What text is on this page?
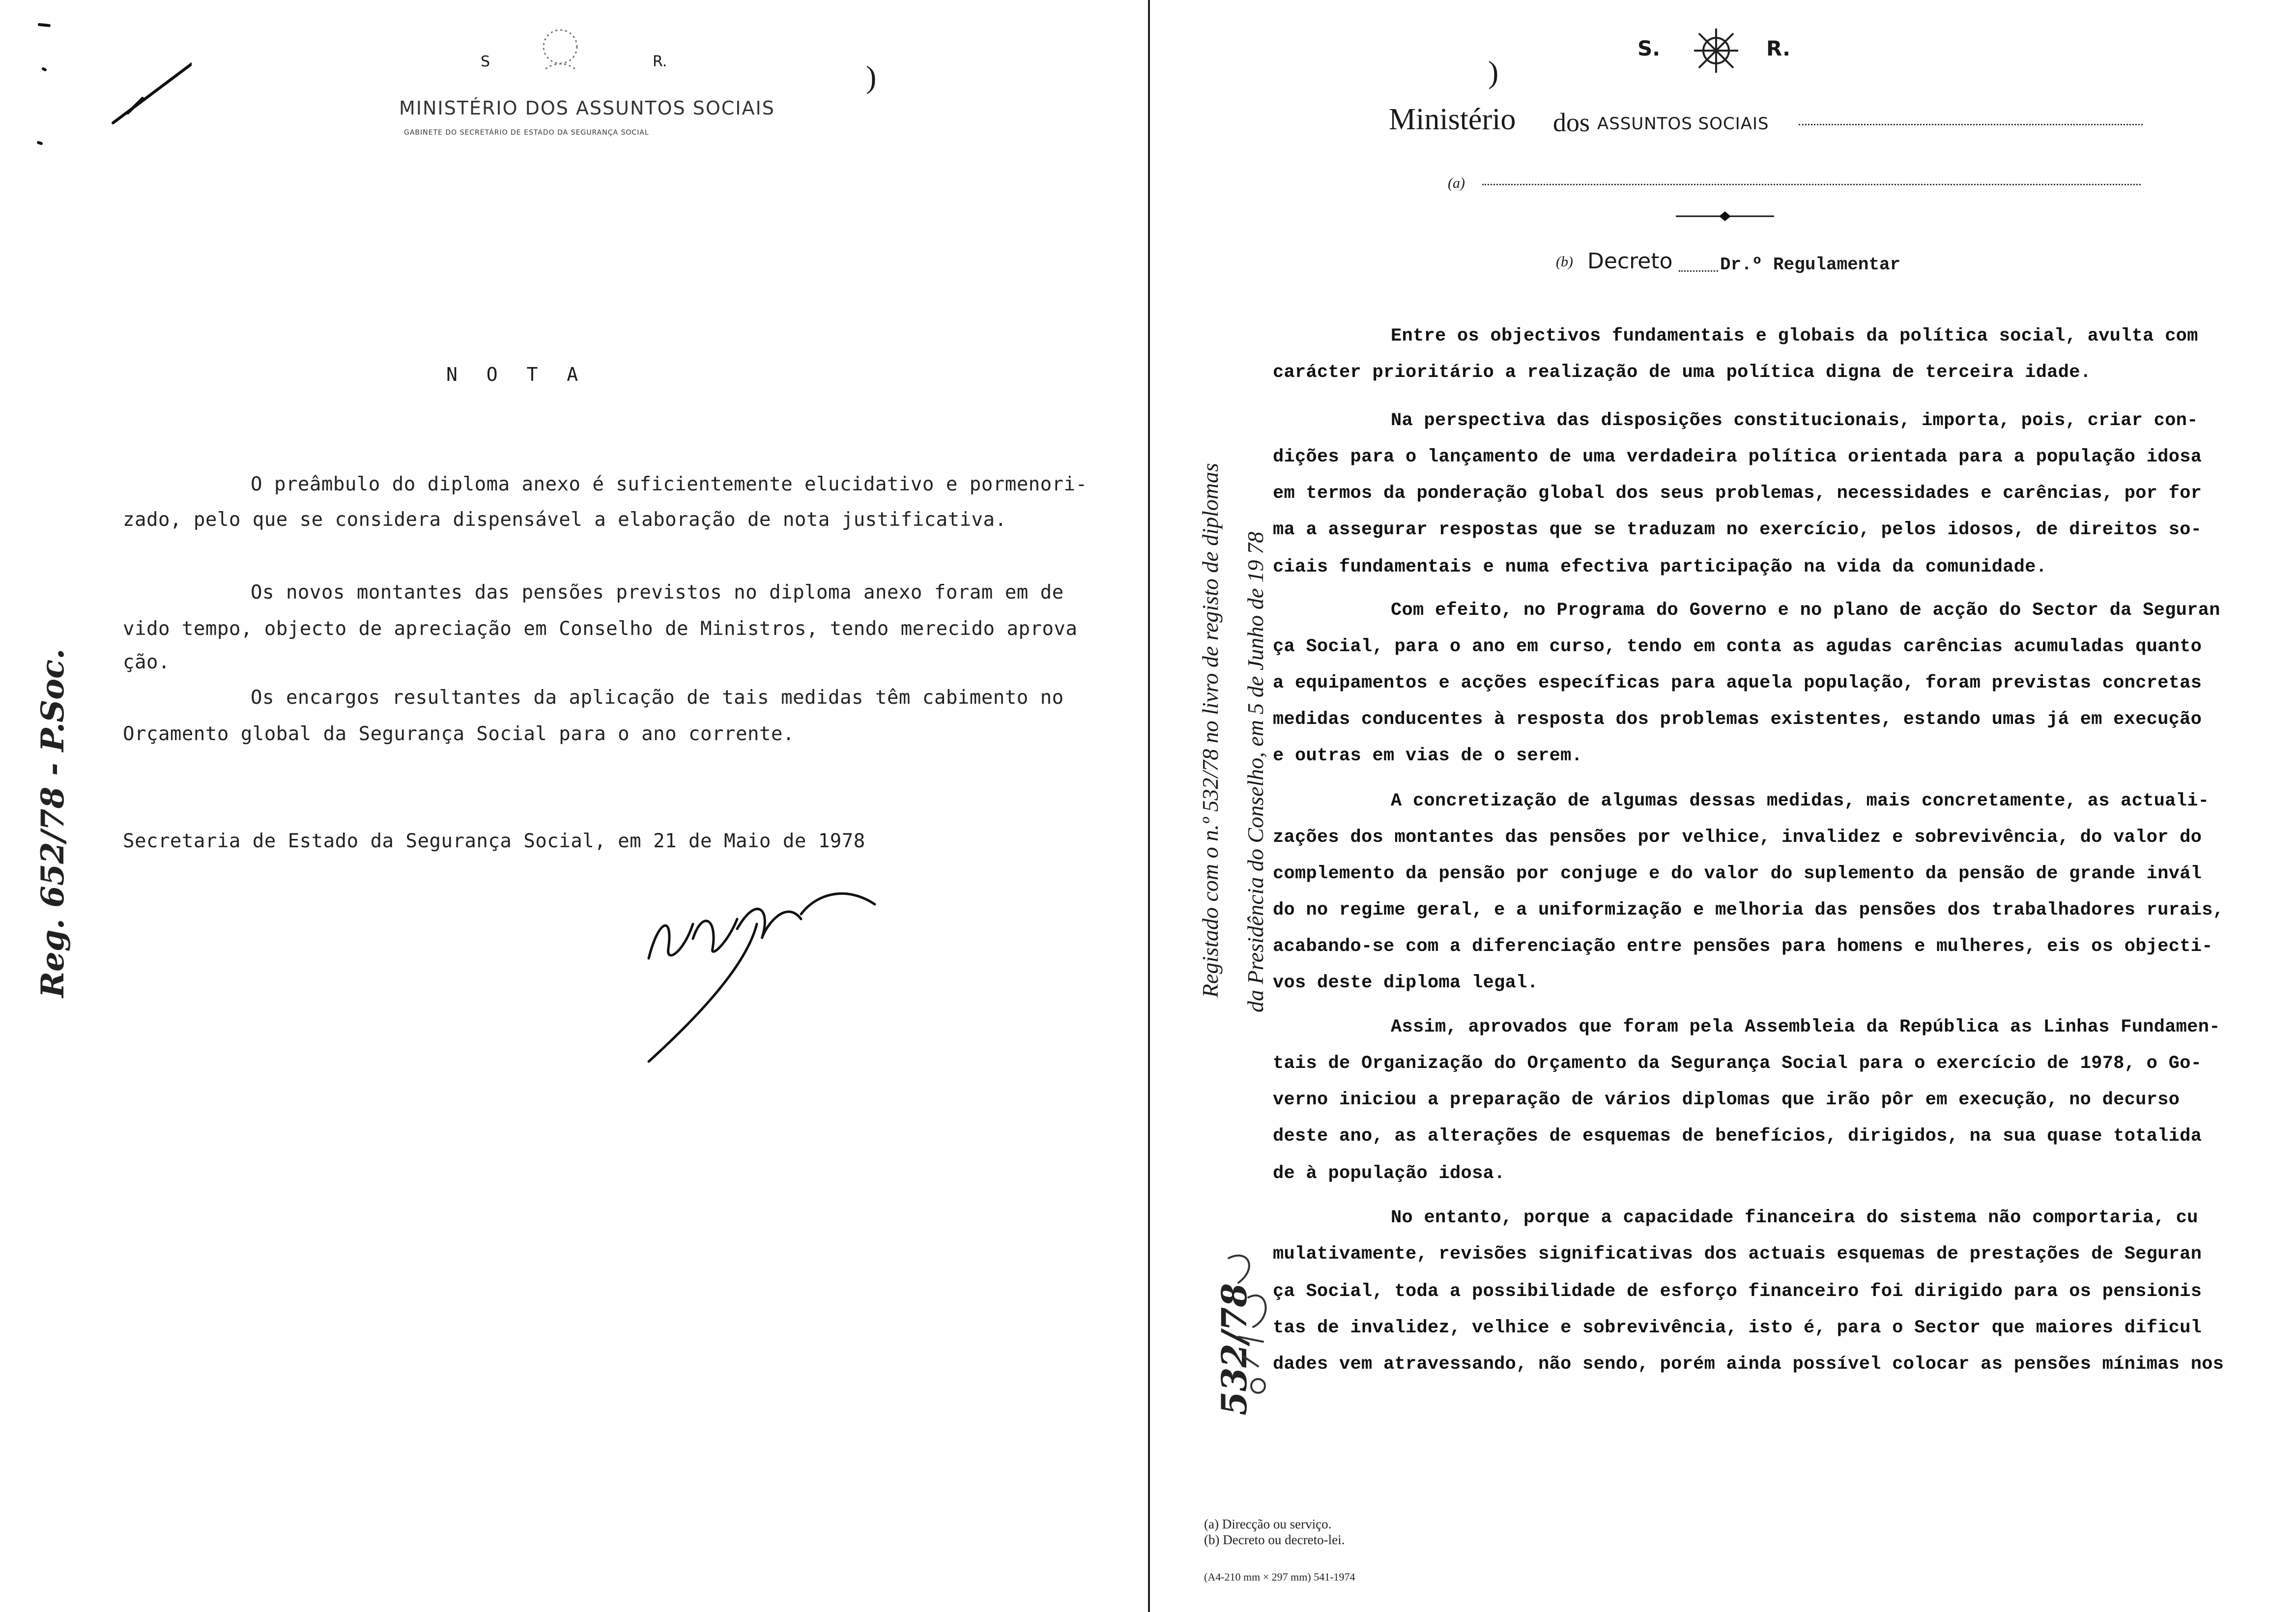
S	R.
MINISTÉRIO DOS ASSUNTOS SOCIAIS
GABINETE DO SECRETÁRIO DE ESTADO DA SEGURANÇA SOCIAL
)
Reg. 652/78 - P.Soc.
N O T A
O preâmbulo do diploma anexo é suficientemente elucidativo e pormenori-
zado, pelo que se considera dispensável a elaboração de nota justificativa.
Os novos montantes das pensões previstos no diploma anexo foram em de
vido tempo, objecto de apreciação em Conselho de Ministros, tendo merecido aprova
ção.
Os encargos resultantes da aplicação de tais medidas têm cabimento no
Orçamento global da Segurança Social para o ano corrente.
Secretaria de Estado da Segurança Social, em 21 de Maio de 1978
S.	R.
)
Ministério dos ASSUNTOS SOCIAIS
(a)
(b) Decreto	Dr.º Regulamentar
Registado com o n.º 532/78 no livro de registo de diplomas da Presidência do Conselho, em 5 de Junho de 19 78
532/78
Entre os objectivos fundamentais e globais da política social, avulta com
carácter prioritário a realização de uma política digna de terceira idade.
Na perspectiva das disposições constitucionais, importa, pois, criar con-
dições para o lançamento de uma verdadeira política orientada para a população idosa
em termos da ponderação global dos seus problemas, necessidades e carências, por for
ma a assegurar respostas que se traduzam no exercício, pelos idosos, de direitos so-
ciais fundamentais e numa efectiva participação na vida da comunidade.
Com efeito, no Programa do Governo e no plano de acção do Sector da Seguran
ça Social, para o ano em curso, tendo em conta as agudas carências acumuladas quanto
a equipamentos e acções específicas para aquela população, foram previstas concretas
medidas conducentes à resposta dos problemas existentes, estando umas já em execução
e outras em vias de o serem.
A concretização de algumas dessas medidas, mais concretamente, as actuali-
zações dos montantes das pensões por velhice, invalidez e sobrevivência, do valor do
complemento da pensão por conjuge e do valor do suplemento da pensão de grande invál
do no regime geral, e a uniformização e melhoria das pensões dos trabalhadores rurais,
acabando-se com a diferenciação entre pensões para homens e mulheres, eis os objecti-
vos deste diploma legal.
Assim, aprovados que foram pela Assembleia da República as Linhas Fundamen-
tais de Organização do Orçamento da Segurança Social para o exercício de 1978, o Go-
verno iniciou a preparação de vários diplomas que irão pôr em execução, no decurso
deste ano, as alterações de esquemas de benefícios, dirigidos, na sua quase totalida
de à população idosa.
No entanto, porque a capacidade financeira do sistema não comportaria, cu
mulativamente, revisões significativas dos actuais esquemas de prestações de Seguran
ça Social, toda a possibilidade de esforço financeiro foi dirigido para os pensionis
tas de invalidez, velhice e sobrevivência, isto é, para o Sector que maiores dificul
dades vem atravessando, não sendo, porém ainda possível colocar as pensões mínimas nos
(a) Direcção ou serviço.
(b) Decreto ou decreto-lei.
(A4-210 mm × 297 mm) 541-1974
